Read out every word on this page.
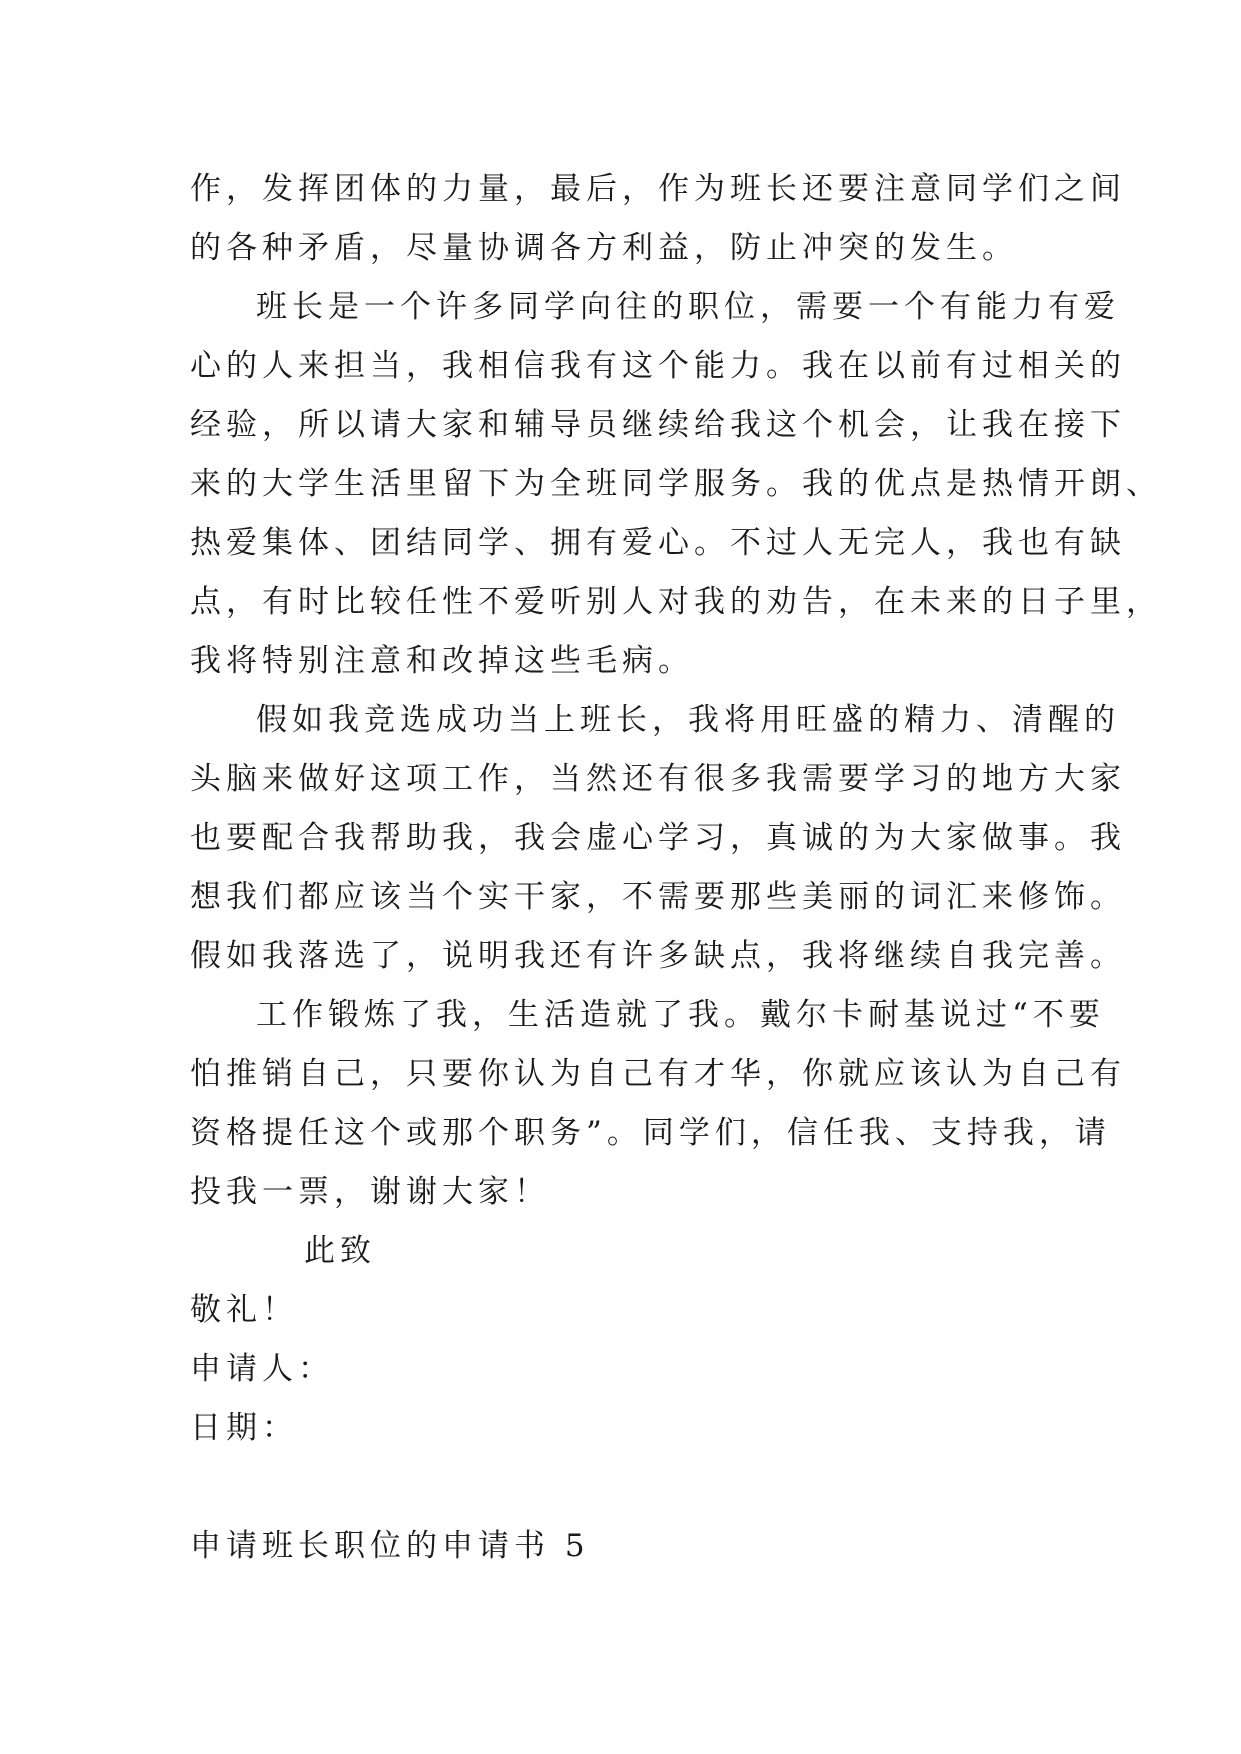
作，发挥团体的力量，最后，作为班长还要注意同学们之间
的各种矛盾，尽量协调各方利益，防止冲突的发生。
班长是一个许多同学向往的职位，需要一个有能力有爱
心的人来担当，我相信我有这个能力。我在以前有过相关的
经验，所以请大家和辅导员继续给我这个机会，让我在接下
来的大学生活里留下为全班同学服务。我的优点是热情开朗、
热爱集体、团结同学、拥有爱心。不过人无完人，我也有缺
点，有时比较任性不爱听别人对我的劝告，在未来的日子里，
我将特别注意和改掉这些毛病。
假如我竞选成功当上班长，我将用旺盛的精力、清醒的
头脑来做好这项工作，当然还有很多我需要学习的地方大家
也要配合我帮助我，我会虚心学习，真诚的为大家做事。我
想我们都应该当个实干家，不需要那些美丽的词汇来修饰。
假如我落选了，说明我还有许多缺点，我将继续自我完善。
工作锻炼了我，生活造就了我。戴尔卡耐基说过“不要
怕推销自己，只要你认为自己有才华，你就应该认为自己有
资格提任这个或那个职务”。同学们，信任我、支持我，请
投我一票，谢谢大家！
此致
敬礼！
申请人：
日期：
申请班长职位的申请书 5
